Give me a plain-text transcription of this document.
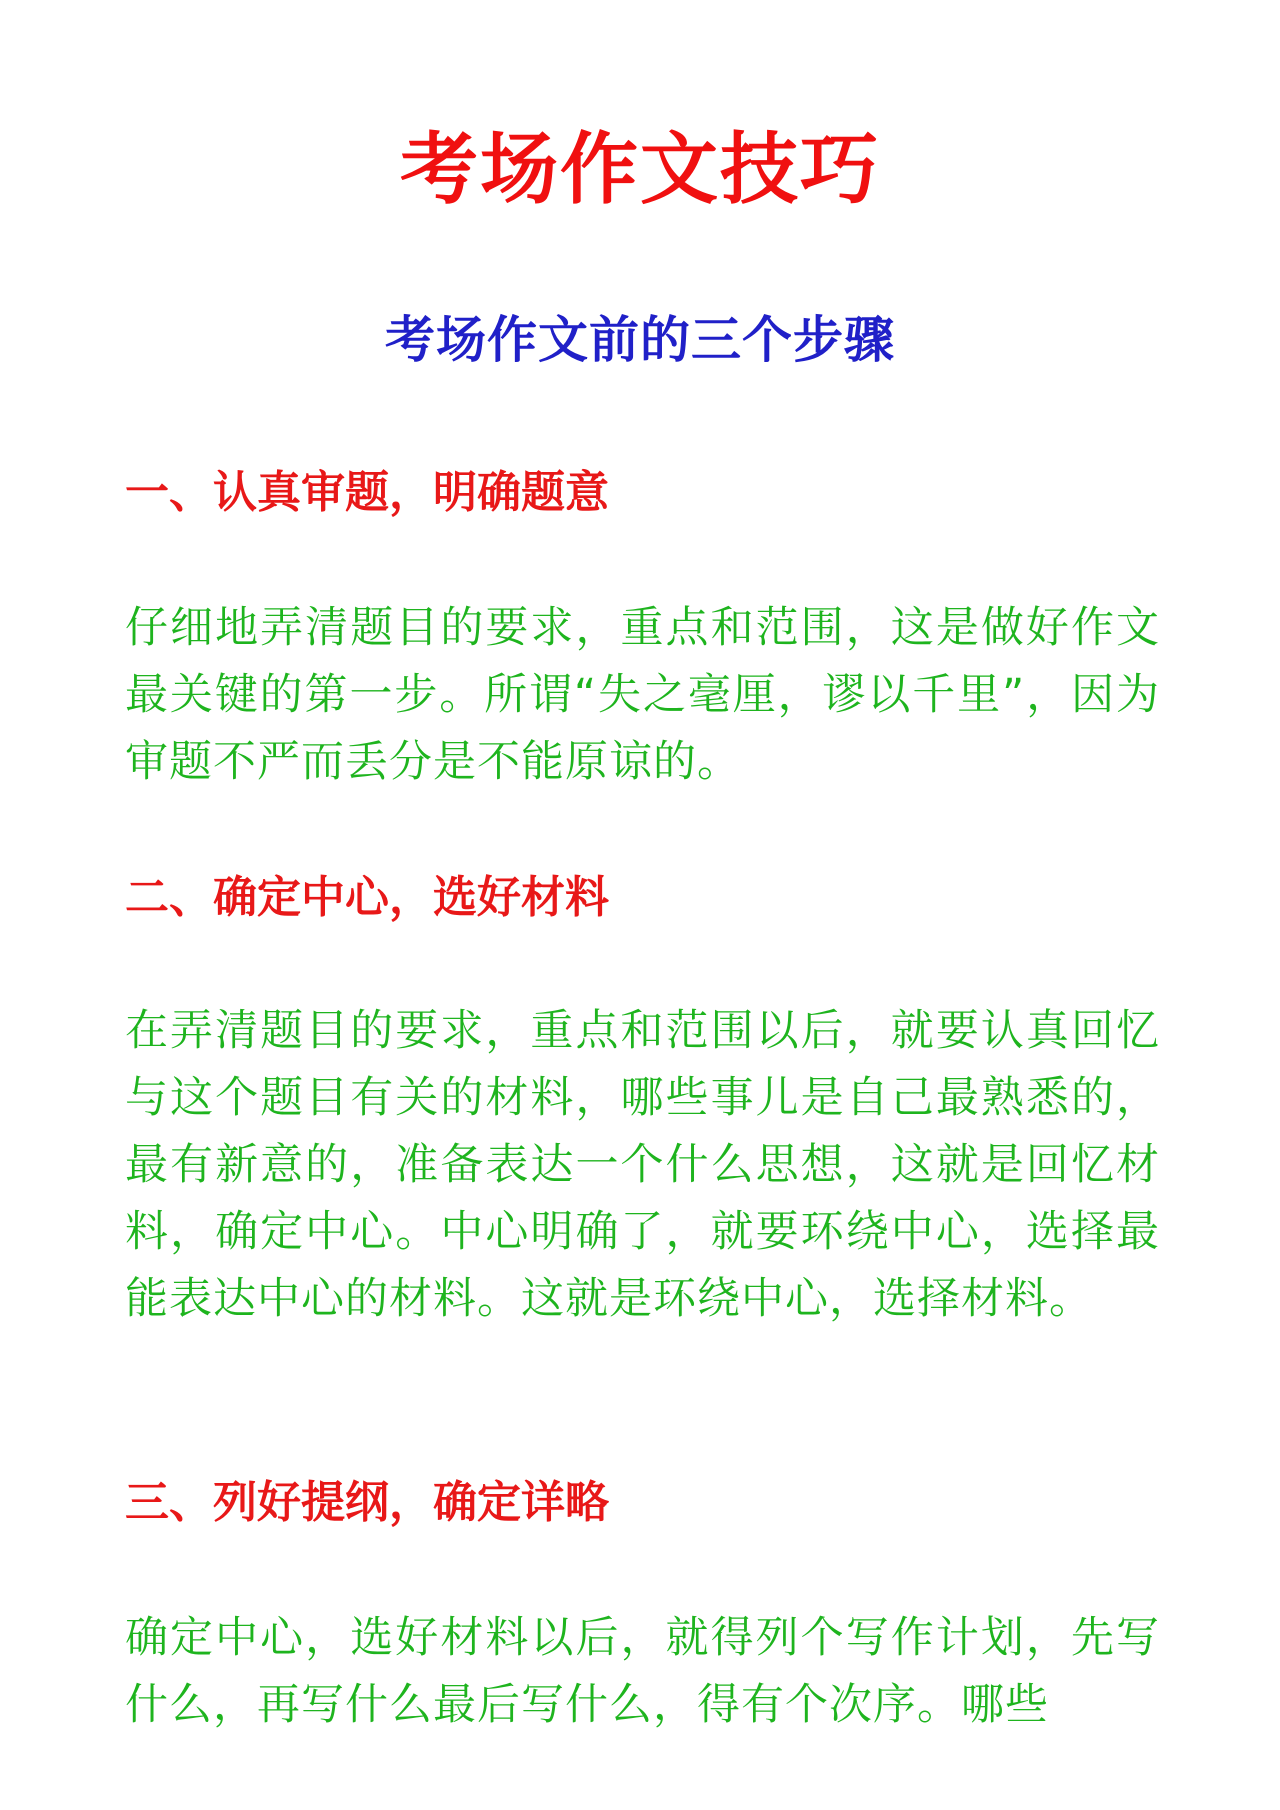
考场作文技巧
考场作文前的三个步骤
一、认真审题，明确题意

仔细地弄清题目的要求，重点和范围，这是做好作文最关键的第一步。所谓“失之毫厘，谬以千里”，因为审题不严而丢分是不能原谅的。

二、确定中心，选好材料

在弄清题目的要求，重点和范围以后，就要认真回忆与这个题目有关的材料，哪些事儿是自己最熟悉的，最有新意的，准备表达一个什么思想，这就是回忆材料，确定中心。中心明确了，就要环绕中心，选择最能表达中心的材料。这就是环绕中心，选择材料。

三、列好提纲，确定详略

确定中心，选好材料以后，就得列个写作计划，先写什么，再写什么最后写什么，得有个次序。哪些
